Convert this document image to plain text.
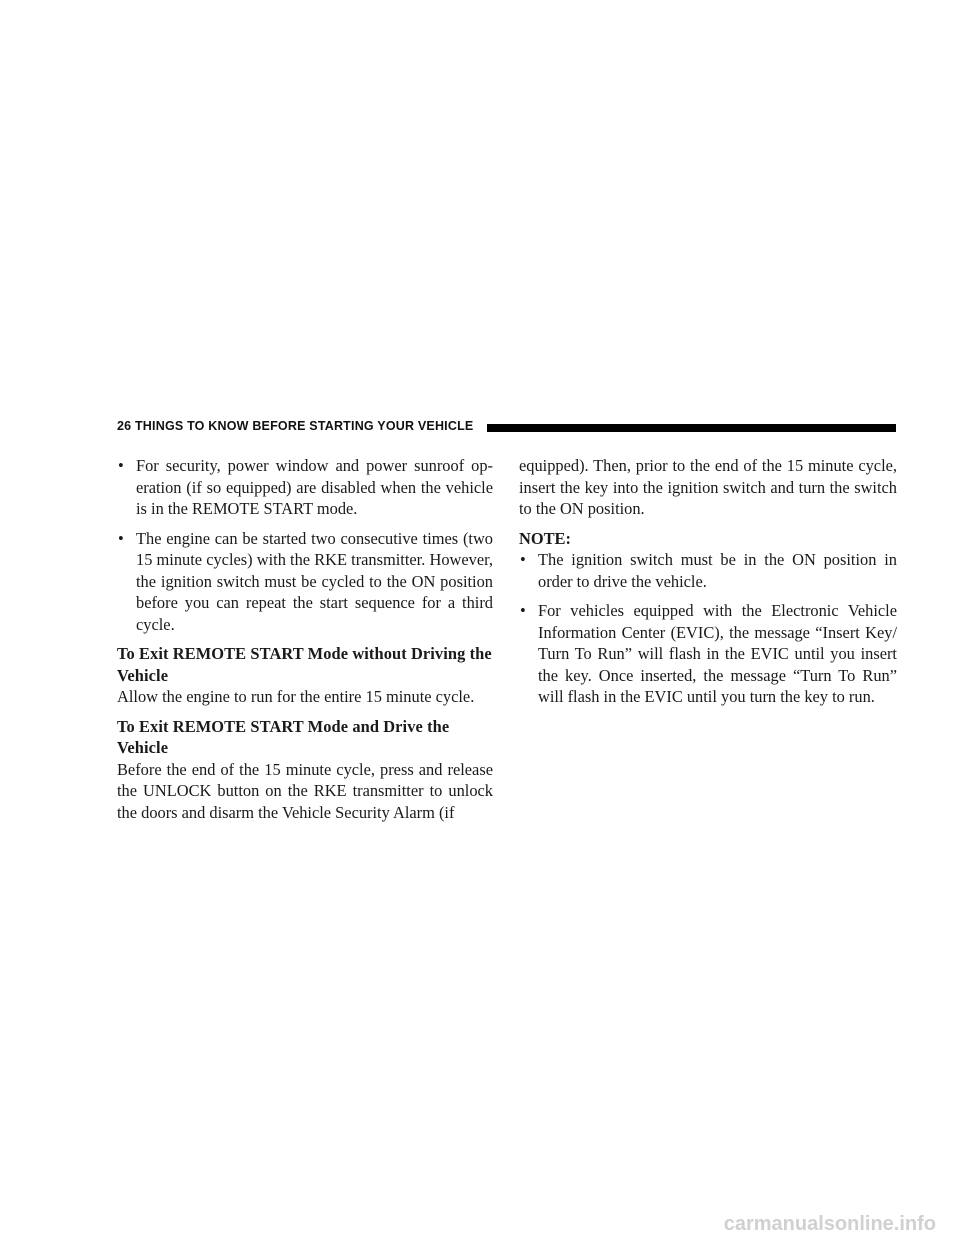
26 THINGS TO KNOW BEFORE STARTING YOUR VEHICLE
• For security, power window and power sunroof op-eration (if so equipped) are disabled when the vehicle is in the REMOTE START mode.
• The engine can be started two consecutive times (two 15 minute cycles) with the RKE transmitter. However, the ignition switch must be cycled to the ON position before you can repeat the start sequence for a third cycle.
To Exit REMOTE START Mode without Driving the Vehicle

Allow the engine to run for the entire 15 minute cycle.

To Exit REMOTE START Mode and Drive the Vehicle

Before the end of the 15 minute cycle, press and release the UNLOCK button on the RKE transmitter to unlock the doors and disarm the Vehicle Security Alarm (if

equipped). Then, prior to the end of the 15 minute cycle, insert the key into the ignition switch and turn the switch to the ON position.

NOTE:
• The ignition switch must be in the ON position in order to drive the vehicle.
• For vehicles equipped with the Electronic Vehicle Information Center (EVIC), the message “Insert Key/ Turn To Run” will flash in the EVIC until you insert the key. Once inserted, the message “Turn To Run” will flash in the EVIC until you turn the key to run.
carmanualsonline.info
